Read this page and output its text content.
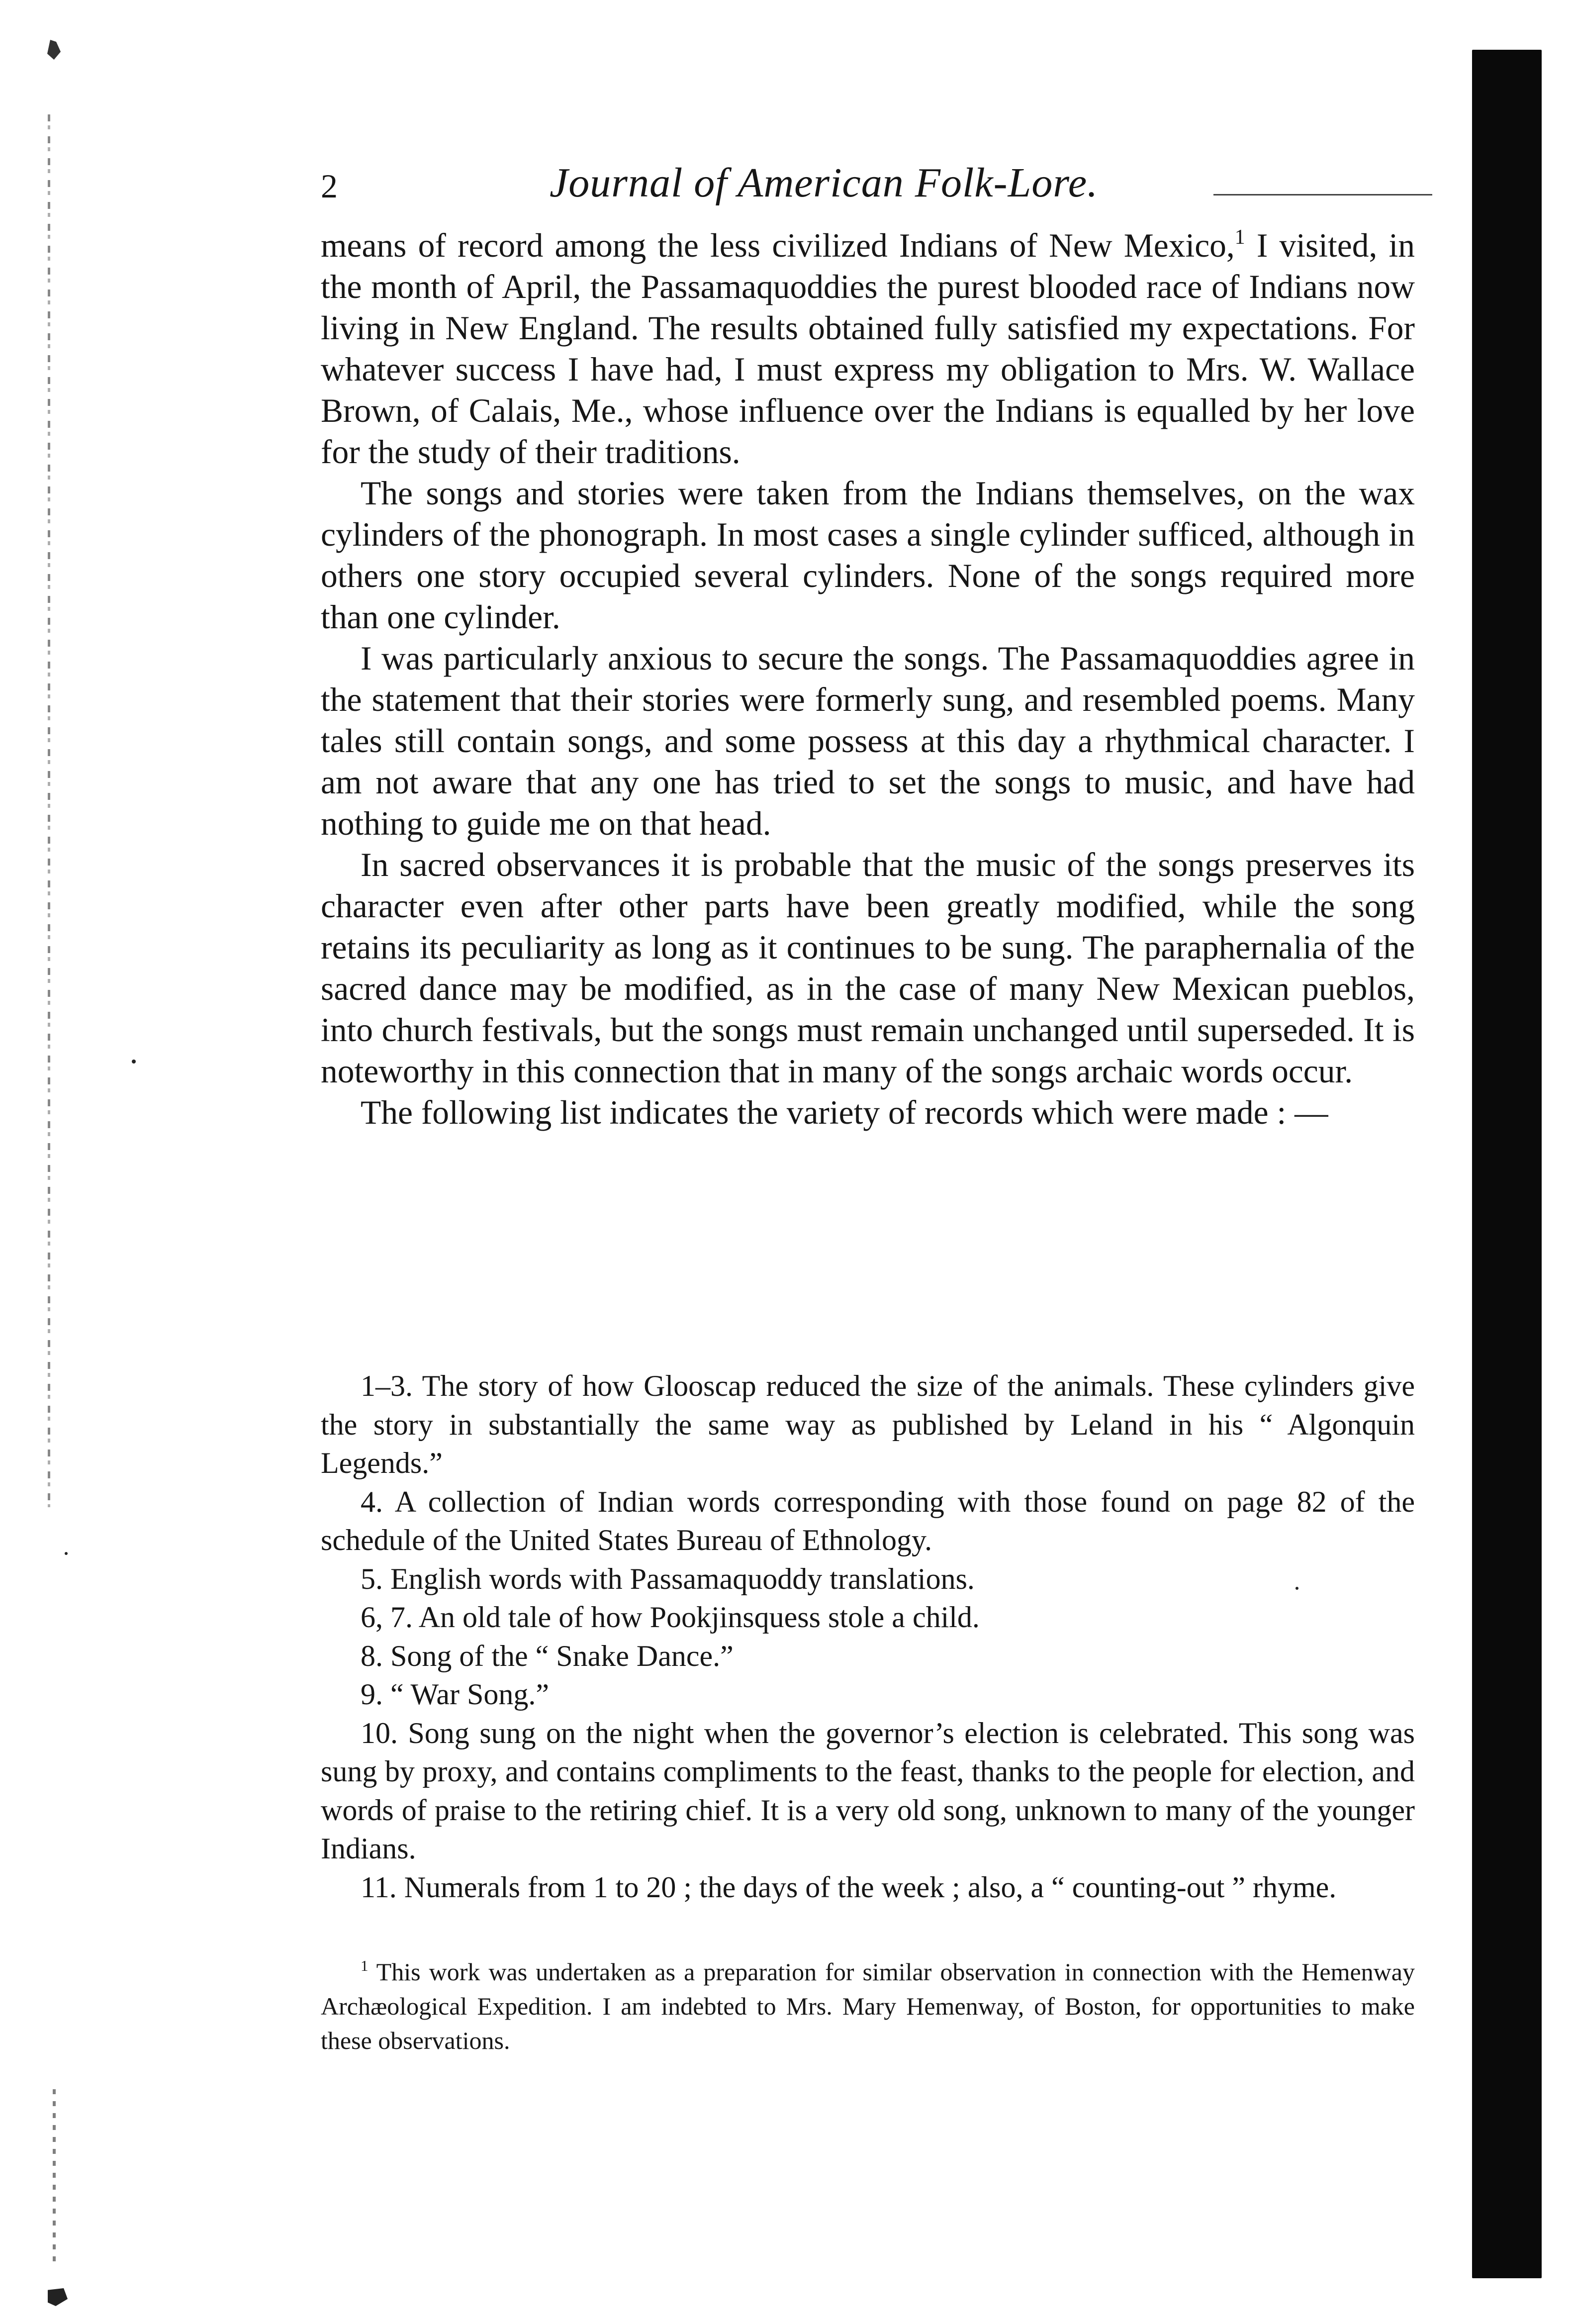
2	Journal of American Folk-Lore.

means of record among the less civilized Indians of New Mexico,$^1$ I visited, in the month of April, the Passamaquoddies the purest blooded race of Indians now living in New England. The results obtained fully satisfied my expectations. For whatever success I have had, I must express my obligation to Mrs. W. Wallace Brown, of Calais, Me., whose influence over the Indians is equalled by her love for the study of their traditions.

The songs and stories were taken from the Indians themselves, on the wax cylinders of the phonograph. In most cases a single cylinder sufficed, although in others one story occupied several cylinders. None of the songs required more than one cylinder.

I was particularly anxious to secure the songs. The Passamaquoddies agree in the statement that their stories were formerly sung, and resembled poems. Many tales still contain songs, and some possess at this day a rhythmical character. I am not aware that any one has tried to set the songs to music, and have had nothing to guide me on that head.

In sacred observances it is probable that the music of the songs preserves its character even after other parts have been greatly modified, while the song retains its peculiarity as long as it continues to be sung. The paraphernalia of the sacred dance may be modified, as in the case of many New Mexican pueblos, into church festivals, but the songs must remain unchanged until superseded. It is noteworthy in this connection that in many of the songs archaic words occur.

The following list indicates the variety of records which were made : —

1–3. The story of how Glooscap reduced the size of the animals. These cylinders give the story in substantially the same way as published by Leland in his “ Algonquin Legends.”

4. A collection of Indian words corresponding with those found on page 82 of the schedule of the United States Bureau of Ethnology.

5. English words with Passamaquoddy translations.

6, 7. An old tale of how Pookjinsquess stole a child.

8. Song of the “ Snake Dance.”

9. “ War Song.”

10. Song sung on the night when the governor’s election is celebrated. This song was sung by proxy, and contains compliments to the feast, thanks to the people for election, and words of praise to the retiring chief. It is a very old song, unknown to many of the younger Indians.

11. Numerals from 1 to 20 ; the days of the week ; also, a “ counting-out ” rhyme.

$^1$ This work was undertaken as a preparation for similar observation in connection with the Hemenway Archæological Expedition. I am indebted to Mrs. Mary Hemenway, of Boston, for opportunities to make these observations.
